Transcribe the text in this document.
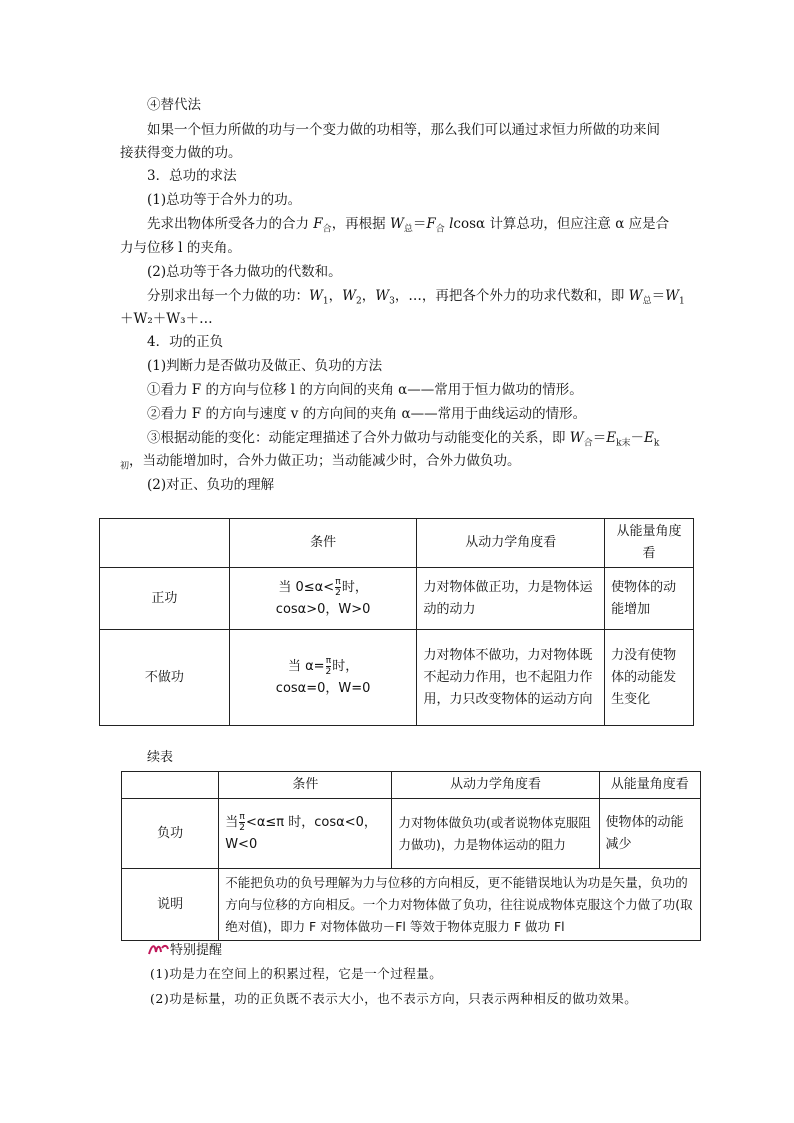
④替代法
如果一个恒力所做的功与一个变力做的功相等，那么我们可以通过求恒力所做的功来间
接获得变力做的功。
3．总功的求法
(1)总功等于合外力的功。
先求出物体所受各力的合力 $F_合$，再根据 $W_总=F_合$ lcosα 计算总功，但应注意 α 应是合
力与位移 l 的夹角。
(2)总功等于各力做功的代数和。
分别求出每一个力做的功：$W_1$，$W_2$，$W_3$，…，再把各个外力的功求代数和，即 $W_总=W_1$
＋W₂＋W₃＋…
4．功的正负
(1)判断力是否做功及做正、负功的方法
①看力 F 的方向与位移 l 的方向间的夹角 α——常用于恒力做功的情形。
②看力 F 的方向与速度 v 的方向间的夹角 α——常用于曲线运动的情形。
③根据动能的变化：动能定理描述了合外力做功与动能变化的关系，即 $W_合=E_{k末}-E_k$
$_初$，当动能增加时，合外力做正功；当动能减少时，合外力做负功。
(2)对正、负功的理解
	条件	从动力学角度看	从能量角度看
正功	当 $0\le\alpha< \frac{\pi}{2}$ 时，
cosα>0，W>0	力对物体做正功，力是物体运动的动力	使物体的动能增加
不做功	当 $\alpha= \frac{\pi}{2}$ 时，
cosα=0，W=0	力对物体不做功，力对物体既不起动力作用，也不起阻力作用，力只改变物体的运动方向	力没有使物体的动能发生变化
续表
	条件	从动力学角度看	从能量角度看
负功	当 $\frac{\pi}{2} <\alpha\le\pi$ 时，cosα<0，W<0	力对物体做负功(或者说物体克服阻力做功)，力是物体运动的阻力	使物体的动能减少
说明	不能把负功的负号理解为力与位移的方向相反，更不能错误地认为功是矢量，负功的方向与位移的方向相反。一个力对物体做了负功，往往说成物体克服这个力做了功(取绝对值)，即力 F 对物体做功－Fl 等效于物体克服力 F 做功 Fl		
特别提醒
(1)功是力在空间上的积累过程，它是一个过程量。
(2)功是标量，功的正负既不表示大小，也不表示方向，只表示两种相反的做功效果。
